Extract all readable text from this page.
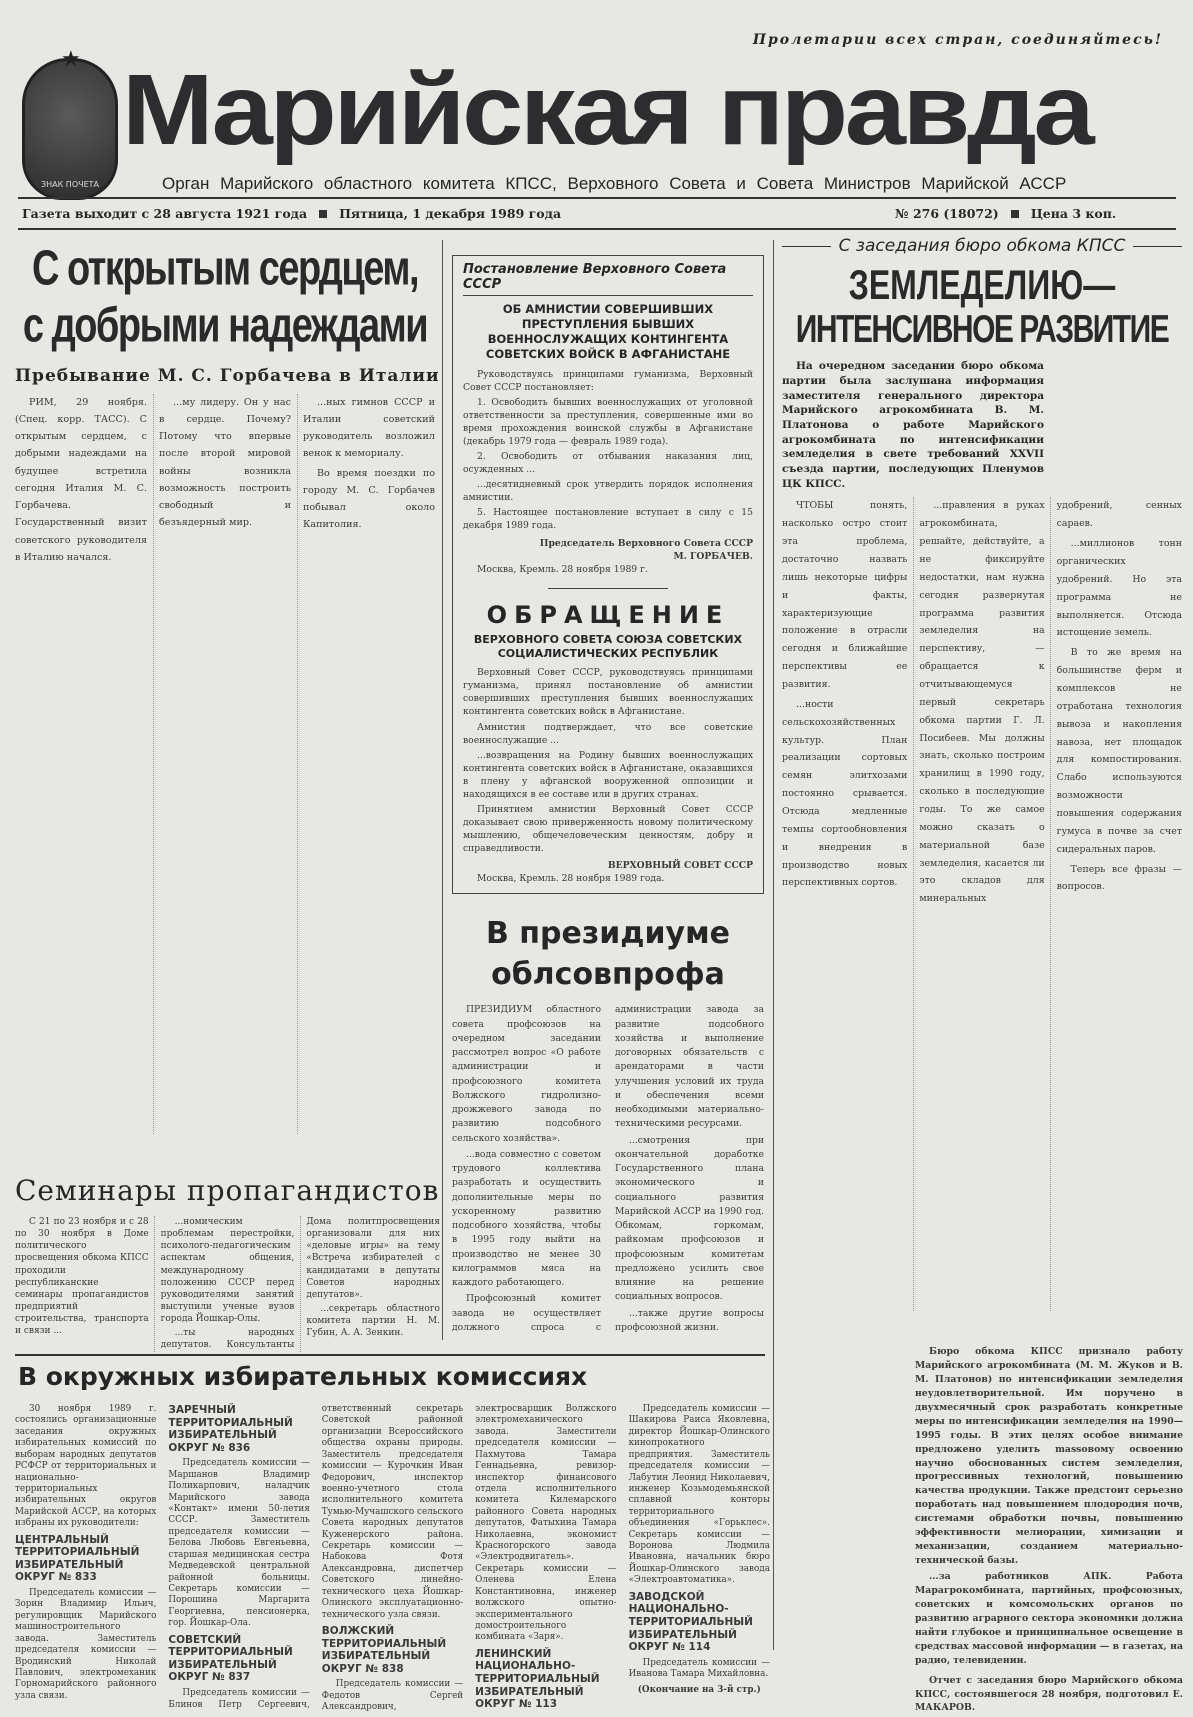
★
ЗНАК ПОЧЕТА
Пролетарии всех стран, соединяйтесь!
Марийская правда
Орган Марийского областного комитета КПСС, Верховного Совета и Совета Министров Марийской АССР
Газета выходит с 28 августа 1921 года	Пятница, 1 декабря 1989 года	№ 276 (18072)	Цена 3 коп.
С открытым сердцем,
с добрыми надеждами
Пребывание М. С. Горбачева в Италии

РИМ, 29 ноября. (Спец. корр. ТАСС). С открытым сердцем, с добрыми надеждами на будущее встретила сегодня Италия М. С. Горбачева. Государственный визит советского руководителя в Италию начался.

...му лидеру. Он у нас в сердце. Почему? Потому что впервые после второй мировой войны возникла возможность построить свободный и безъядерный мир.

...ных гимнов СССР и Италии советский руководитель возложил венок к мемориалу.

Во время поездки по городу М. С. Горбачев побывал около Капитолия.

Постановление Верховного Совета СССР
ОБ АМНИСТИИ СОВЕРШИВШИХ ПРЕСТУПЛЕНИЯ БЫВШИХ ВОЕННОСЛУЖАЩИХ КОНТИНГЕНТА СОВЕТСКИХ ВОЙСК В АФГАНИСТАНЕ

Руководствуясь принципами гуманизма, Верховный Совет СССР постановляет:

1. Освободить бывших военнослужащих от уголовной ответственности за преступления, совершенные ими во время прохождения воинской службы в Афганистане (декабрь 1979 года — февраль 1989 года).

2. Освободить от отбывания наказания лиц, осужденных ...

...десятидневный срок утвердить порядок исполнения амнистии.

5. Настоящее постановление вступает в силу с 15 декабря 1989 года.

Председатель Верховного Совета СССР
М. ГОРБАЧЕВ.

Москва, Кремль. 28 ноября 1989 г.

ОБРАЩЕНИЕ
ВЕРХОВНОГО СОВЕТА СОЮЗА СОВЕТСКИХ СОЦИАЛИСТИЧЕСКИХ РЕСПУБЛИК

Верховный Совет СССР, руководствуясь принципами гуманизма, принял постановление об амнистии совершивших преступления бывших военнослужащих контингента советских войск в Афганистане.

Амнистия подтверждает, что все советские военнослужащие ...

...возвращения на Родину бывших военнослужащих контингента советских войск в Афганистане, оказавшихся в плену у афганской вооруженной оппозиции и находящихся в ее составе или в других странах.

Принятием амнистии Верховный Совет СССР доказывает свою приверженность новому политическому мышлению, общечеловеческим ценностям, добру и справедливости.

ВЕРХОВНЫЙ СОВЕТ СССР

Москва, Кремль. 28 ноября 1989 года.

В президиуме
облсовпрофа

ПРЕЗИДИУМ областного совета профсоюзов на очередном заседании рассмотрел вопрос «О работе администрации и профсоюзного комитета Волжского гидролизно-дрожжевого завода по развитию подсобного сельского хозяйства».

...вода совместно с советом трудового коллектива разработать и осуществить дополнительные меры по ускоренному развитию подсобного хозяйства, чтобы в 1995 году выйти на производство не менее 30 килограммов мяса на каждого работающего.

Профсоюзный комитет завода не осуществляет должного спроса с администрации завода за развитие подсобного хозяйства и выполнение договорных обязательств с арендаторами в части улучшения условий их труда и обеспечения всеми необходимыми материально-техническими ресурсами.

...смотрения при окончательной доработке Государственного плана экономического и социального развития Марийской АССР на 1990 год. Обкомам, горкомам, райкомам профсоюзов и профсоюзным комитетам предложено усилить свое влияние на решение социальных вопросов.

...также другие вопросы профсоюзной жизни.

С заседания бюро обкома КПСС
ЗЕМЛЕДЕЛИЮ—
ИНТЕНСИВНОЕ РАЗВИТИЕ
На очередном заседании бюро обкома партии была заслушана информация заместителя генерального директора Марийского агрокомбината В. М. Платонова о работе Марийского агрокомбината по интенсификации земледелия в свете требований XXVII съезда партии, последующих Пленумов ЦК КПСС.

ЧТОБЫ понять, насколько остро стоит эта проблема, достаточно назвать лишь некоторые цифры и факты, характеризующие положение в отрасли сегодня и ближайшие перспективы ее развития.

...ности сельскохозяйственных культур. План реализации сортовых семян элитхозами постоянно срывается. Отсюда медленные темпы сортообновления и внедрения в производство новых перспективных сортов.

...правления в руках агрокомбината, решайте, действуйте, а не фиксируйте недостатки, нам нужна сегодня развернутая программа развития земледелия на перспективу, — обращается к отчитывающемуся первый секретарь обкома партии Г. Л. Посибеев. Мы должны знать, сколько построим хранилищ в 1990 году, сколько в последующие годы. То же самое можно сказать о материальной базе земледелия, касается ли это складов для минеральных удобрений, сенных сараев.

...миллионов тонн органических удобрений. Но эта программа не выполняется. Отсюда истощение земель.

В то же время на большинстве ферм и комплексов не отработана технология вывоза и накопления навоза, нет площадок для компостирования. Слабо используются возможности повышения содержания гумуса в почве за счет сидеральных паров.

Теперь все фразы — вопросов.

Бюро обкома КПСС признало работу Марийского агрокомбината (М. М. Жуков и В. М. Платонов) по интенсификации земледелия неудовлетворительной. Им поручено в двухмесячный срок разработать конкретные меры по интенсификации земледелия на 1990—1995 годы. В этих целях особое внимание предложено уделить massовому освоению научно обоснованных систем земледелия, прогрессивных технологий, повышению качества продукции. Также предстоит серьезно поработать над повышением плодородия почв, системами обработки почвы, повышению эффективности мелиорации, химизации и механизации, созданием материально-технической базы.

...за работников АПК. Работа Марагрокомбината, партийных, профсоюзных, советских и комсомольских органов по развитию аграрного сектора экономики должна найти глубокое и принципиальное освещение в средствах массовой информации — в газетах, на радио, телевидении.

Отчет с заседания бюро Марийского обкома КПСС, состоявшегося 28 ноября, подготовил Е. МАКАРОВ.

Семинары пропагандистов

С 21 по 23 ноября и с 28 по 30 ноября в Доме политического просвещения обкома КПСС проходили республиканские семинары пропагандистов предприятий строительства, транспорта и связи ...

...номическим проблемам перестройки, психолого-педагогическим аспектам общения, международному положению СССР перед руководителями занятий выступили ученые вузов города Йошкар-Олы.

...ты народных депутатов. Консультанты Дома политпросвещения организовали для них «деловые игры» на тему «Встреча избирателей с кандидатами в депутаты Советов народных депутатов».

...секретарь областного комитета партии Н. М. Губин, А. А. Зенкин.

В окружных избирательных комиссиях

30 ноября 1989 г. состоялись организационные заседания окружных избирательных комиссий по выборам народных депутатов РСФСР от территориальных и национально-территориальных избирательных округов Марийской АССР, на которых избраны их руководители:

ЦЕНТРАЛЬНЫЙ ТЕРРИТОРИАЛЬНЫЙ ИЗБИРАТЕЛЬНЫЙ ОКРУГ № 833

Председатель комиссии — Зорин Владимир Ильич, регулировщик Марийского машиностроительного завода. Заместитель председателя комиссии — Вродинский Николай Павлович, электромеханик Горномарийского районного узла связи.

ЗАРЕЧНЫЙ ТЕРРИТОРИАЛЬНЫЙ ИЗБИРАТЕЛЬНЫЙ ОКРУГ № 836

Председатель комиссии — Маршанов Владимир Поликарпович, наладчик Марийского завода «Контакт» имени 50-летия СССР. Заместитель председателя комиссии — Белова Любовь Евгеньевна, старшая медицинская сестра Медведевской центральной районной больницы. Секретарь комиссии — Порошина Маргарита Георгиевна, пенсионерка, гор. Йошкар-Ола.

СОВЕТСКИЙ ТЕРРИТОРИАЛЬНЫЙ ИЗБИРАТЕЛЬНЫЙ ОКРУГ № 837

Председатель комиссии — Блинов Петр Сергеевич, ответственный секретарь Советской районной организации Всероссийского общества охраны природы. Заместитель председателя комиссии — Курочкин Иван Федорович, инспектор военно-учетного стола исполнительного комитета Тумью-Мучашского сельского Совета народных депутатов Куженерского района. Секретарь комиссии — Набокова Фотя Александровна, диспетчер Советского линейно-технического цеха Йошкар-Олинского эксплуатационно-технического узла связи.

ВОЛЖСКИЙ ТЕРРИТОРИАЛЬНЫЙ ИЗБИРАТЕЛЬНЫЙ ОКРУГ № 838

Председатель комиссии — Федотов Сергей Александрович, электросварщик Волжского электромеханического завода. Заместители председателя комиссии — Пахмутова Тамара Геннадьевна, ревизор-инспектор финансового отдела исполнительного комитета Килемарского районного Совета народных депутатов, Фатыхина Тамара Николаевна, экономист Красногорского завода «Электродвигатель». Секретарь комиссии — Оленева Елена Константиновна, инженер волжского опытно-экспериментального домостроительного комбината «Заря».

ЛЕНИНСКИЙ НАЦИОНАЛЬНО-ТЕРРИТОРИАЛЬНЫЙ ИЗБИРАТЕЛЬНЫЙ ОКРУГ № 113

Председатель комиссии — Шакирова Раиса Яковлевна, директор Йошкар-Олинского кинопрокатного предприятия. Заместитель председателя комиссии — Лабутин Леонид Николаевич, инженер Козьмодемьянской сплавной конторы территориального объединения «Горьклес». Секретарь комиссии — Воронова Людмила Ивановна, начальник бюро Йошкар-Олинского завода «Электроавтоматика».

ЗАВОДСКОЙ НАЦИОНАЛЬНО-ТЕРРИТОРИАЛЬНЫЙ ИЗБИРАТЕЛЬНЫЙ ОКРУГ № 114

Председатель комиссии — Иванова Тамара Михайловна.

(Окончание на 3-й стр.)
